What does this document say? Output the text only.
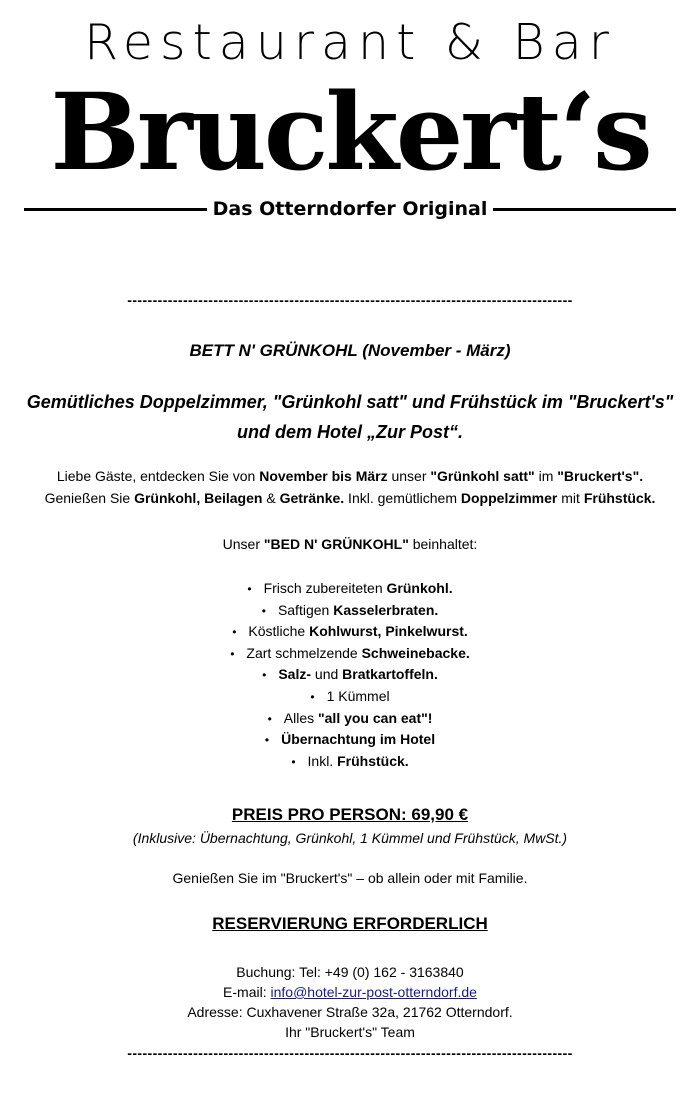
Restaurant & Bar
Bruckert‘s
Das Otterndorfer Original
----------------------------------------------------------------------------------------
BETT N' GRÜNKOHL (November - März)
Gemütliches Doppelzimmer, "Grünkohl satt" und Frühstück im "Bruckert's"
und dem Hotel „Zur Post“.
Liebe Gäste, entdecken Sie von November bis März unser "Grünkohl satt" im "Bruckert's".
Genießen Sie Grünkohl, Beilagen & Getränke. Inkl. gemütlichem Doppelzimmer mit Frühstück.
Unser "BED N' GRÜNKOHL" beinhaltet:
• Frisch zubereiteten Grünkohl.
• Saftigen Kasselerbraten.
• Köstliche Kohlwurst, Pinkelwurst.
• Zart schmelzende Schweinebacke.
• Salz- und Bratkartoffeln.
• 1 Kümmel
• Alles "all you can eat"!
• Übernachtung im Hotel
• Inkl. Frühstück.
PREIS PRO PERSON: 69,90 €
(Inklusive: Übernachtung, Grünkohl, 1 Kümmel und Frühstück, MwSt.)
Genießen Sie im "Bruckert's" – ob allein oder mit Familie.
RESERVIERUNG ERFORDERLICH
Buchung: Tel: +49 (0) 162 - 3163840
E-mail: info@hotel-zur-post-otterndorf.de
Adresse: Cuxhavener Straße 32a, 21762 Otterndorf.
Ihr "Bruckert's" Team
----------------------------------------------------------------------------------------
